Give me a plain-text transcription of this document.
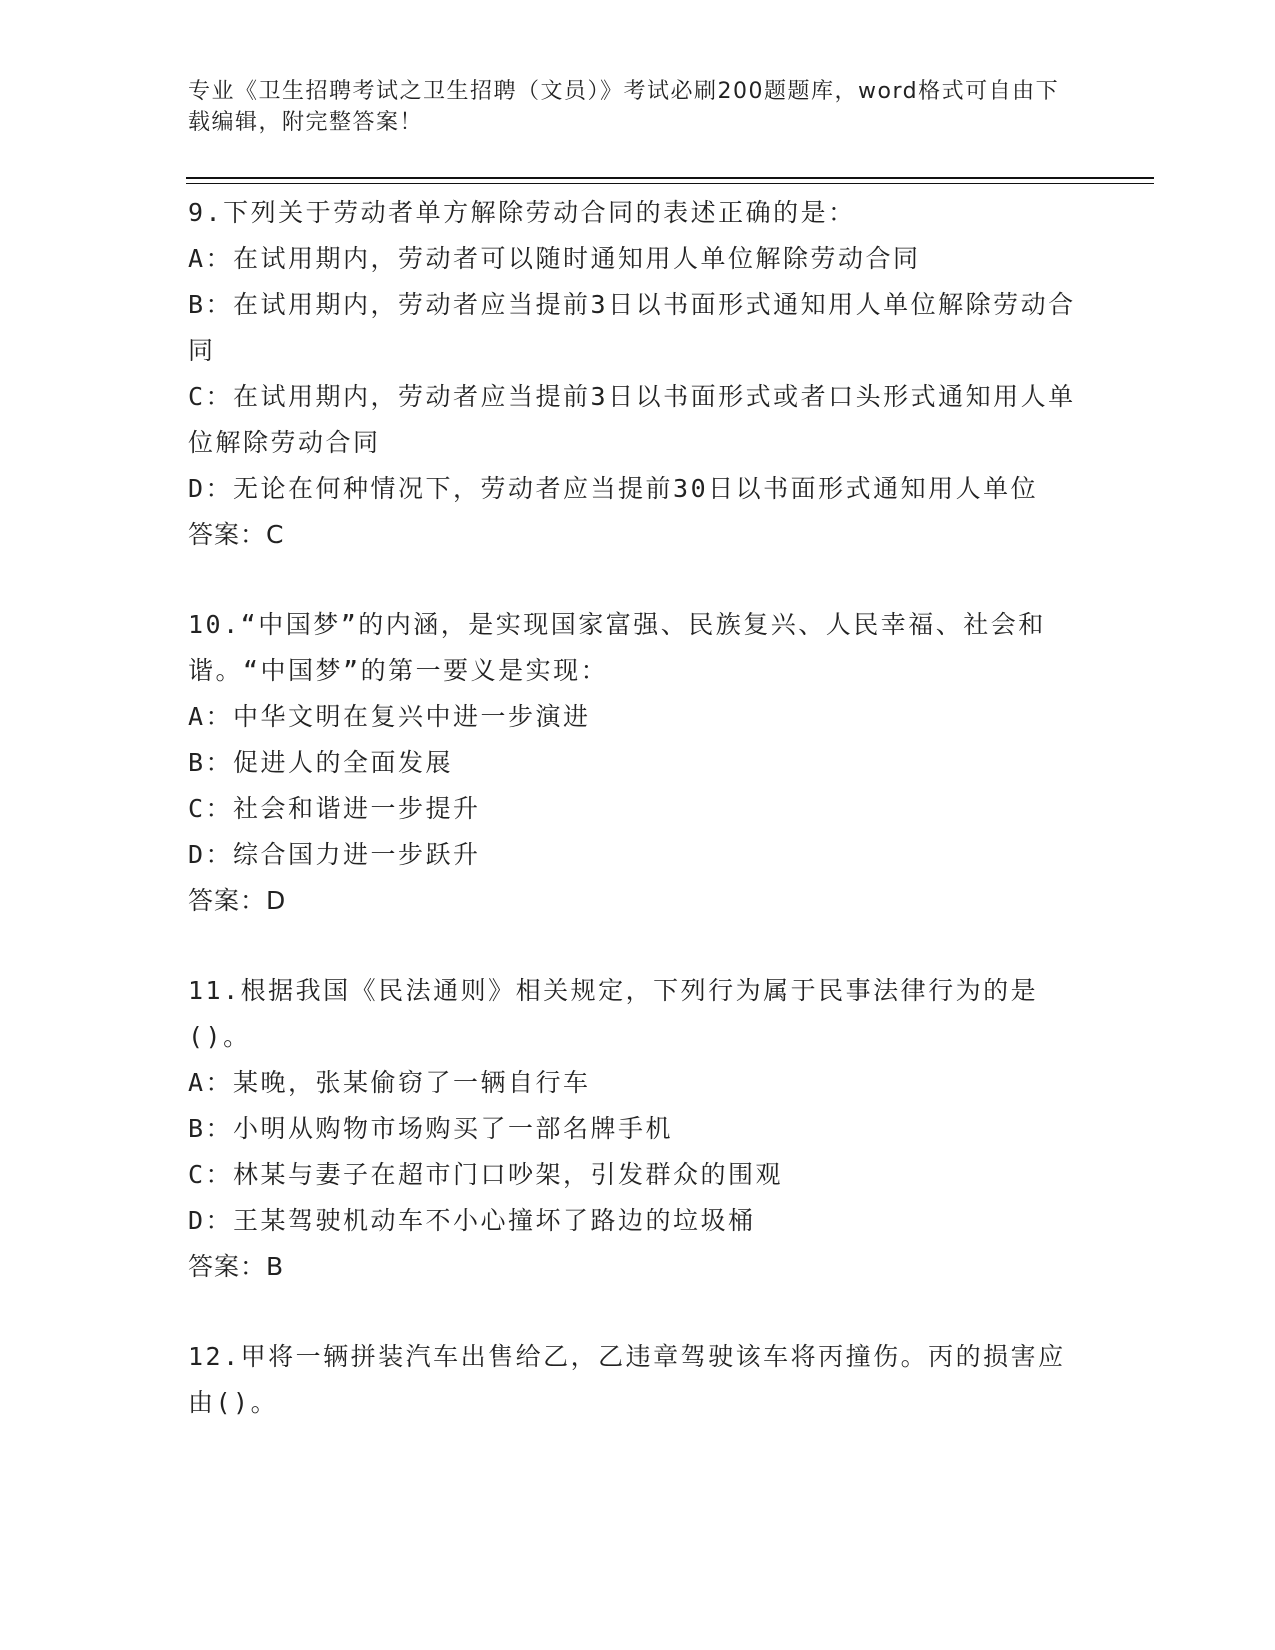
专业《卫生招聘考试之卫生招聘（文员）》考试必刷200题题库，word格式可自由下载编辑，附完整答案！

9.下列关于劳动者单方解除劳动合同的表述正确的是：

A：在试用期内，劳动者可以随时通知用人单位解除劳动合同

B：在试用期内，劳动者应当提前3日以书面形式通知用人单位解除劳动合同

C：在试用期内，劳动者应当提前3日以书面形式或者口头形式通知用人单位解除劳动合同

D：无论在何种情况下，劳动者应当提前30日以书面形式通知用人单位

答案：C

10.“中国梦”的内涵，是实现国家富强、民族复兴、人民幸福、社会和谐。“中国梦”的第一要义是实现：

A：中华文明在复兴中进一步演进

B：促进人的全面发展

C：社会和谐进一步提升

D：综合国力进一步跃升

答案：D

11.根据我国《民法通则》相关规定，下列行为属于民事法律行为的是()。

A：某晚，张某偷窃了一辆自行车

B：小明从购物市场购买了一部名牌手机

C：林某与妻子在超市门口吵架，引发群众的围观

D：王某驾驶机动车不小心撞坏了路边的垃圾桶

答案：B

12.甲将一辆拼装汽车出售给乙，乙违章驾驶该车将丙撞伤。丙的损害应由()。
